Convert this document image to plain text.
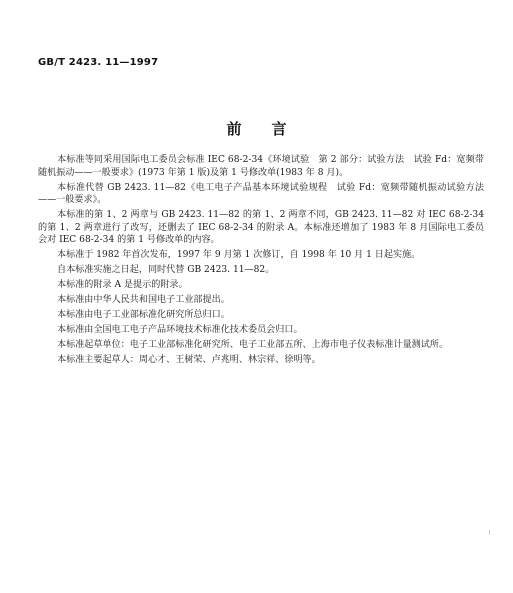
GB/T 2423. 11—1997
前言

本标准等同采用国际电工委员会标准 IEC 68-2-34《环境试验　第 2 部分：试验方法　试验 Fd：宽频带随机振动——一般要求》(1973 年第 1 版)及第 1 号修改单(1983 年 8 月)。

本标准代替 GB 2423. 11—82《电工电子产品基本环境试验规程　试验 Fd：宽频带随机振动试验方法——一般要求》。

本标准的第 1、2 两章与 GB 2423. 11—82 的第 1、2 两章不同，GB 2423. 11—82 对 IEC 68-2-34 的第 1、2 两章进行了改写，还删去了 IEC 68-2-34 的附录 A。本标准还增加了 1983 年 8 月国际电工委员会对 IEC 68-2-34 的第 1 号修改单的内容。

本标准于 1982 年首次发布，1997 年 9 月第 1 次修订，自 1998 年 10 月 1 日起实施。

自本标准实施之日起，同时代替 GB 2423. 11—82。

本标准的附录 A 是提示的附录。

本标准由中华人民共和国电子工业部提出。

本标准由电子工业部标准化研究所总归口。

本标准由全国电工电子产品环境技术标准化技术委员会归口。

本标准起草单位：电子工业部标准化研究所、电子工业部五所、上海市电子仪表标准计量测试所。

本标准主要起草人：周心才、王树荣、卢兆明、林宗祥、徐明等。
